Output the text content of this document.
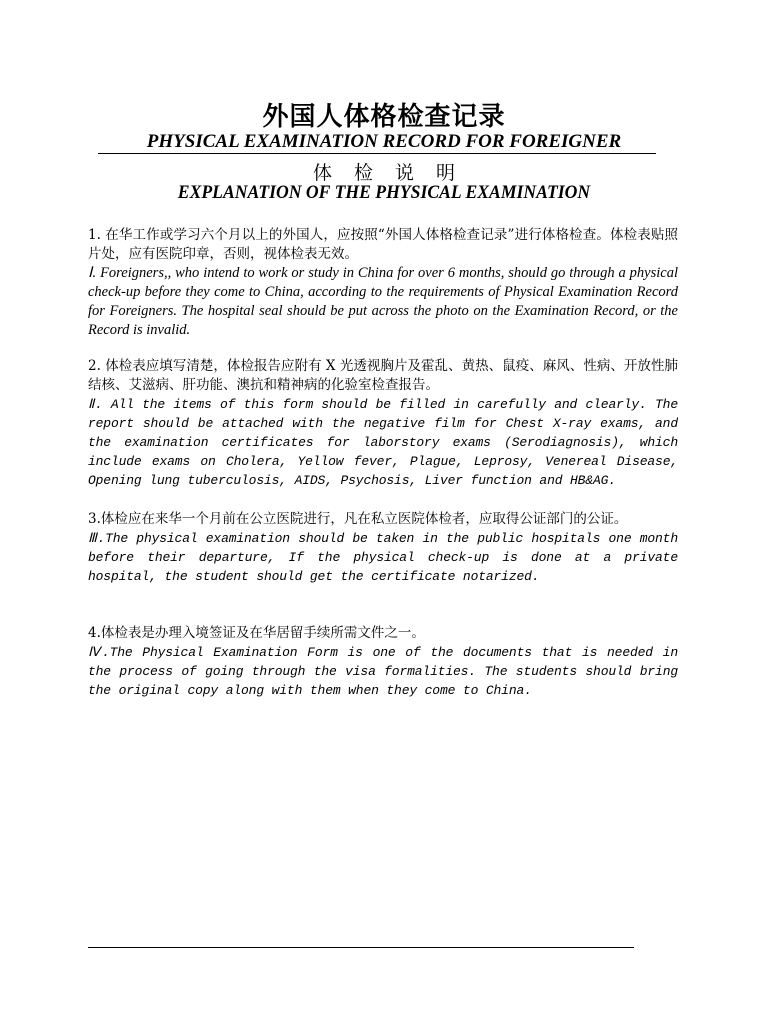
外国人体格检查记录
PHYSICAL EXAMINATION RECORD FOR FOREIGNER
体检说明
EXPLANATION OF THE PHYSICAL EXAMINATION

1. 在华工作或学习六个月以上的外国人，应按照“外国人体格检查记录”进行体格检查。体检表贴照片处，应有医院印章，否则，视体检表无效。

Ⅰ. Foreigners,, who intend to work or study in China for over 6 months, should go through a physical check-up before they come to China, according to the requirements of Physical Examination Record for Foreigners. The hospital seal should be put across the photo on the Examination Record, or the Record is invalid.

2. 体检表应填写清楚，体检报告应附有 X 光透视胸片及霍乱、黄热、鼠疫、麻风、性病、开放性肺结核、艾滋病、肝功能、澳抗和精神病的化验室检查报告。

Ⅱ. All the items of this form should be filled in carefully and clearly. The report should be attached with the negative film for Chest X-ray exams, and the examination certificates for laborstory exams (Serodiagnosis), which include exams on Cholera, Yellow fever, Plague, Leprosy, Venereal Disease, Opening lung tuberculosis, AIDS, Psychosis, Liver function and HB&AG.

3.体检应在来华一个月前在公立医院进行，凡在私立医院体检者，应取得公证部门的公证。

Ⅲ.The physical examination should be taken in the public hospitals one month before their departure, If the physical check-up is done at a private hospital, the student should get the certificate notarized.

4.体检表是办理入境签证及在华居留手续所需文件之一。

Ⅳ.The Physical Examination Form is one of the documents that is needed in the process of going through the visa formalities. The students should bring the original copy along with them when they come to China.
